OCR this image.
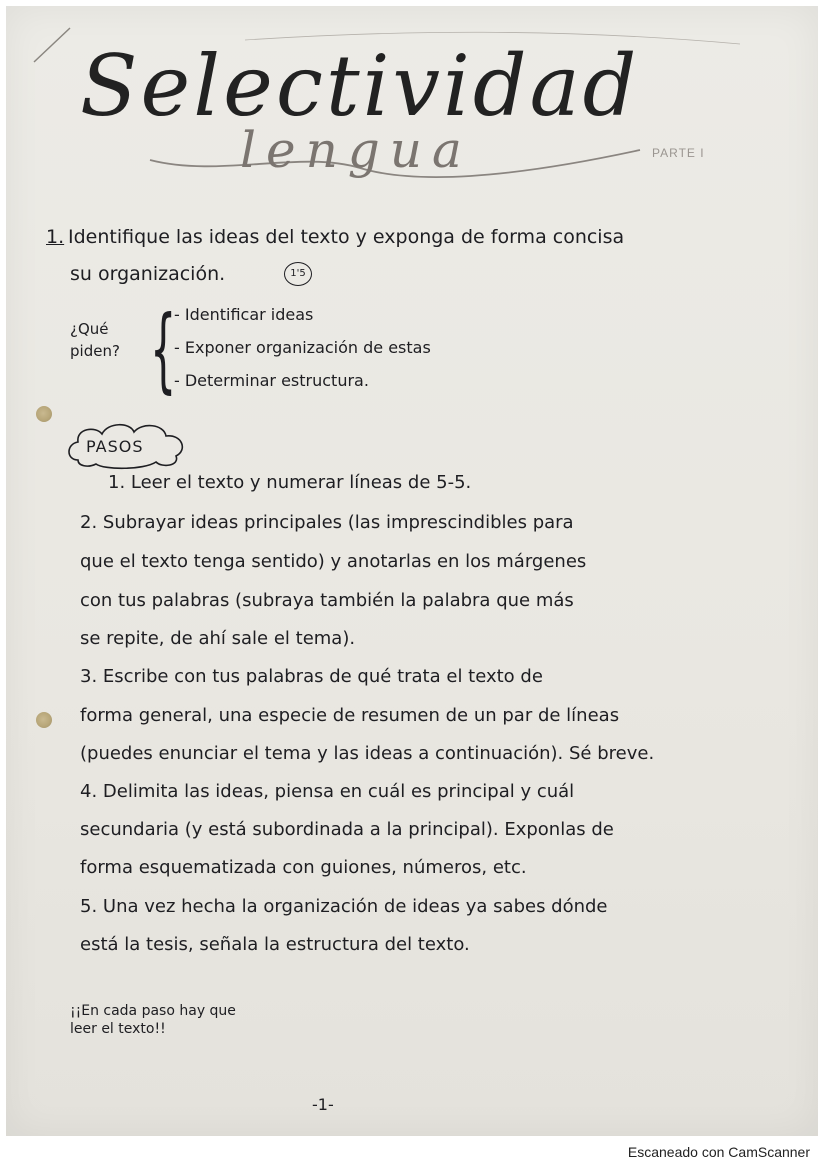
Selectividad
lengua	PARTE I
1. Identifique las ideas del texto y exponga de forma concisa
su organización.	1'5
¿Qué
piden? {
- Identificar ideas
- Exponer organización de estas
- Determinar estructura.
PASOS
1. Leer el texto y numerar líneas de 5-5.
2. Subrayar ideas principales (las imprescindibles para
que el texto tenga sentido) y anotarlas en los márgenes
con tus palabras (subraya también la palabra que más
se repite, de ahí sale el tema).
3. Escribe con tus palabras de qué trata el texto de
forma general, una especie de resumen de un par de líneas
(puedes enunciar el tema y las ideas a continuación). Sé breve.
4. Delimita las ideas, piensa en cuál es principal y cuál
secundaria (y está subordinada a la principal). Exponlas de
forma esquematizada con guiones, números, etc.
5. Una vez hecha la organización de ideas ya sabes dónde
está la tesis, señala la estructura del texto.
¡¡En cada paso hay que
leer el texto!!
-1-
Escaneado con CamScanner
